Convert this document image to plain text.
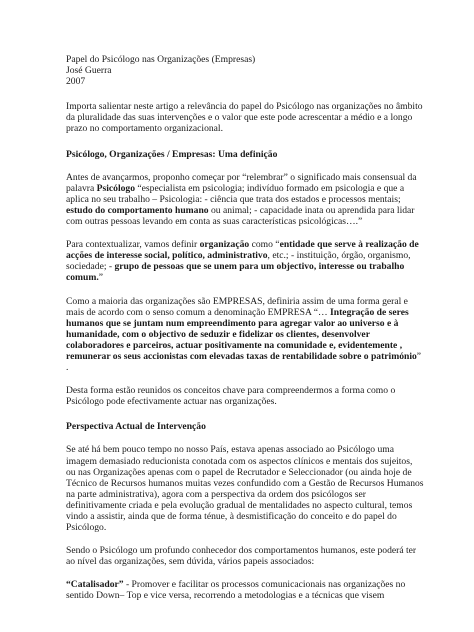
Papel do Psicólogo nas Organizações (Empresas)

José Guerra

2007

Importa salientar neste artigo a relevância do papel do Psicólogo nas organizações no âmbito da pluralidade das suas intervenções e o valor que este pode acrescentar a médio e a longo prazo no comportamento organizacional.

Psicólogo, Organizações / Empresas: Uma definição

Antes de avançarmos, proponho começar por “relembrar” o significado mais consensual da palavra Psicólogo “especialista em psicologia; indivíduo formado em psicologia e que a aplica no seu trabalho – Psicologia: - ciência que trata dos estados e processos mentais; estudo do comportamento humano ou animal; - capacidade inata ou aprendida para lidar com outras pessoas levando em conta as suas características psicológicas….”

Para contextualizar, vamos definir organização como “entidade que serve à realização de acções de interesse social, político, administrativo, etc.; - instituição, órgão, organismo, sociedade; - grupo de pessoas que se unem para um objectivo, interesse ou trabalho comum.”

Como a maioria das organizações são EMPRESAS, definiria assim de uma forma geral e mais de acordo com o senso comum a denominação EMPRESA “… Integração de seres humanos que se juntam num empreendimento para agregar valor ao universo e à humanidade, com o objectivo de seduzir e fidelizar os clientes, desenvolver colaboradores e parceiros, actuar positivamente na comunidade e, evidentemente , remunerar os seus accionistas com elevadas taxas de rentabilidade sobre o património” .

Desta forma estão reunidos os conceitos chave para compreendermos a forma como o Psicólogo pode efectivamente actuar nas organizações.

Perspectiva Actual de Intervenção

Se até há bem pouco tempo no nosso País, estava apenas associado ao Psicólogo uma imagem demasiado reducionista conotada com os aspectos clínicos e mentais dos sujeitos, ou nas Organizações apenas com o papel de Recrutador e Seleccionador (ou ainda hoje de Técnico de Recursos humanos muitas vezes confundido com a Gestão de Recursos Humanos na parte administrativa), agora com a perspectiva da ordem dos psicólogos ser definitivamente criada e pela evolução gradual de mentalidades no aspecto cultural, temos vindo a assistir, ainda que de forma ténue, à desmistificação do conceito e do papel do Psicólogo.

Sendo o Psicólogo um profundo conhecedor dos comportamentos humanos, este poderá ter ao nível das organizações, sem dúvida, vários papeis associados:

“Catalisador” - Promover e facilitar os processos comunicacionais nas organizações no sentido Down– Top e vice versa, recorrendo a metodologias e a técnicas que visem
